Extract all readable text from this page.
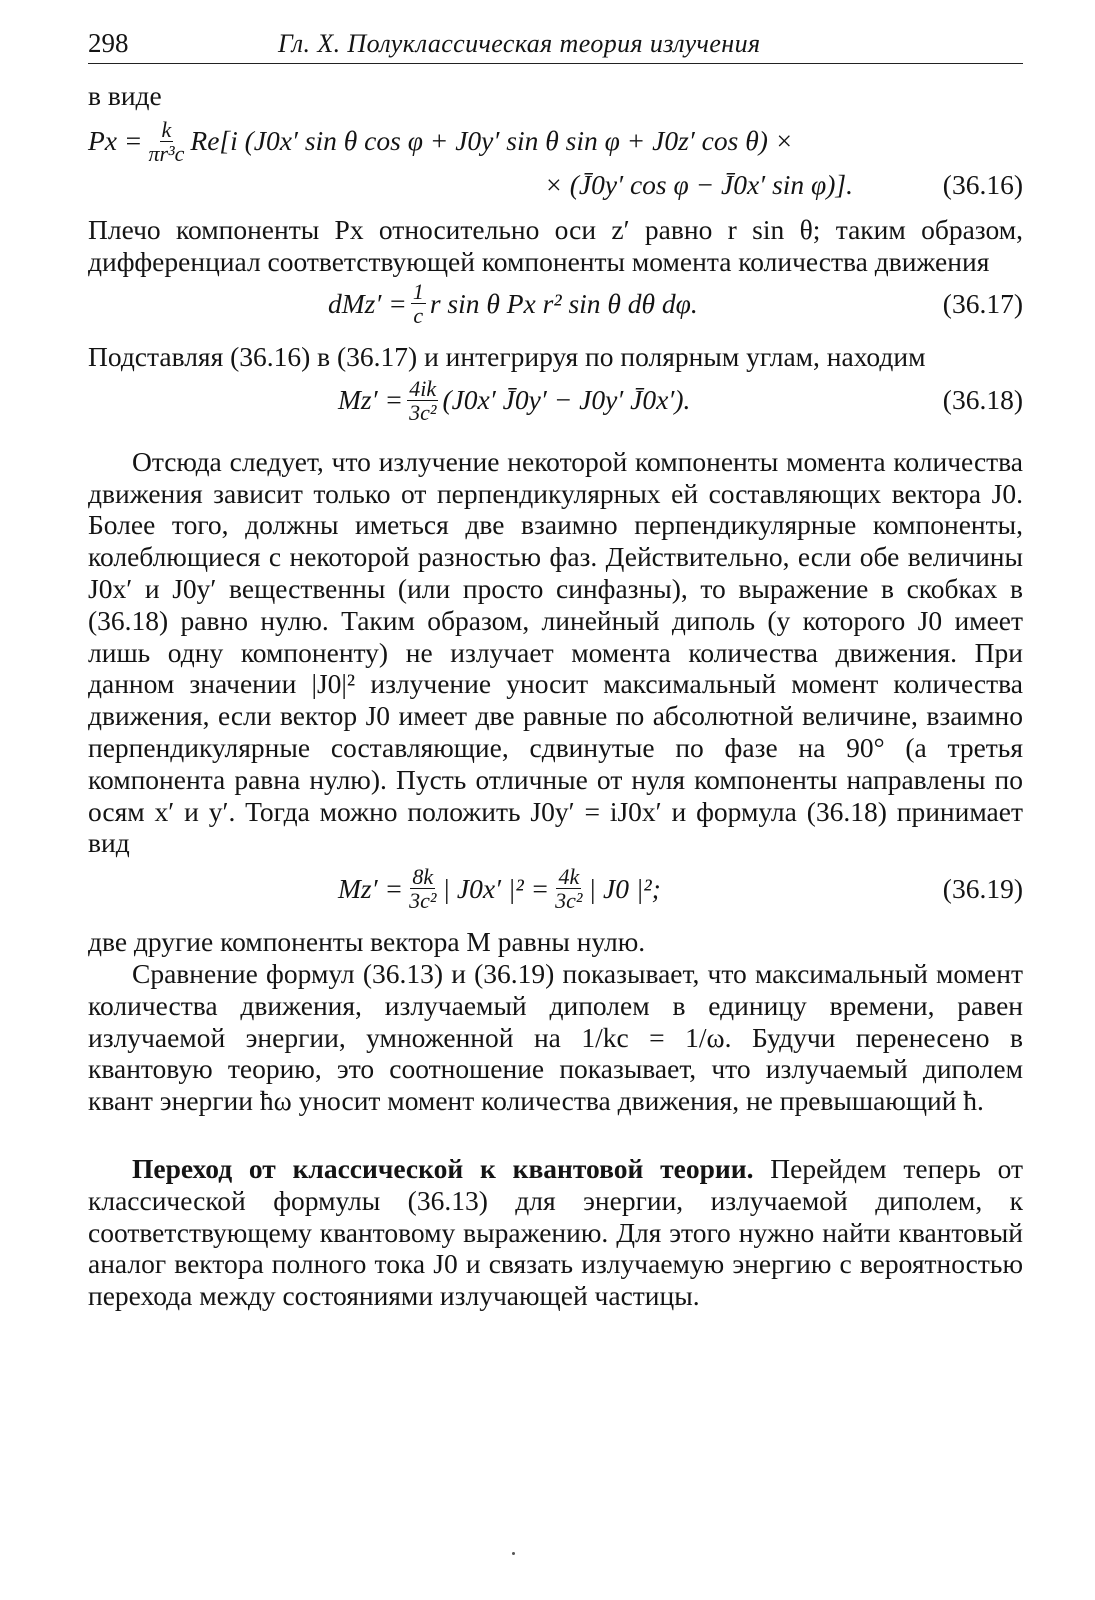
298	Гл. X. Полуклассическая теория излучения

в виде

$Px = \frac{k}{\text{πr³c}} Re[i$ (J0x′ sin θ cos φ + J0y′ sin θ sin φ + J0z′ cos θ) ×
× (J̄0y′ cos φ − J̄0x′ sin φ)].	(36.16)

Плечо компоненты Px относительно оси z′ равно r sin θ; таким образом, дифференциал соответствующей компоненты момента количества движения

$dMz' = \frac{1}{c}$ r sin θ Px r² sin θ dθ dφ.	(36.17)

Подставляя (36.16) в (36.17) и интегрируя по полярным углам, находим

$Mz' = \frac{4ik}{\text{3c²}} (J0x'$ J̄0y′ − J0y′ J̄0x′).	(36.18)

Отсюда следует, что излучение некоторой компоненты момента количества движения зависит только от перпендикулярных ей составляющих вектора J0. Более того, должны иметься две взаимно перпендикулярные компоненты, колеблющиеся с некоторой разностью фаз. Действительно, если обе величины J0x′ и J0y′ вещественны (или просто синфазны), то выражение в скобках в (36.18) равно нулю. Таким образом, линейный диполь (у которого J0 имеет лишь одну компоненту) не излучает момента количества движения. При данном значении |J0|² излучение уносит максимальный момент количества движения, если вектор J0 имеет две равные по абсолютной величине, взаимно перпендикулярные составляющие, сдвинутые по фазе на 90° (а третья компонента равна нулю). Пусть отличные от нуля компоненты направлены по осям x′ и y′. Тогда можно положить J0y′ = iJ0x′ и формула (36.18) принимает вид

$Mz' = \frac{8k}{\text{3c²}}$ | J0x′ $|^2 = \frac{4k}{\text{3c²}}$ | J0 |²;	(36.19)

две другие компоненты вектора M равны нулю.

Сравнение формул (36.13) и (36.19) показывает, что максимальный момент количества движения, излучаемый диполем в единицу времени, равен излучаемой энергии, умноженной на 1/kc = 1/ω. Будучи перенесено в квантовую теорию, это соотношение показывает, что излучаемый диполем квант энергии ħω уносит момент количества движения, не превышающий ħ.

Переход от классической к квантовой теории. Перейдем теперь от классической формулы (36.13) для энергии, излучаемой диполем, к соответствующему квантовому выражению. Для этого нужно найти квантовый аналог вектора полного тока J0 и связать излучаемую энергию с вероятностью перехода между состояниями излучающей частицы.
